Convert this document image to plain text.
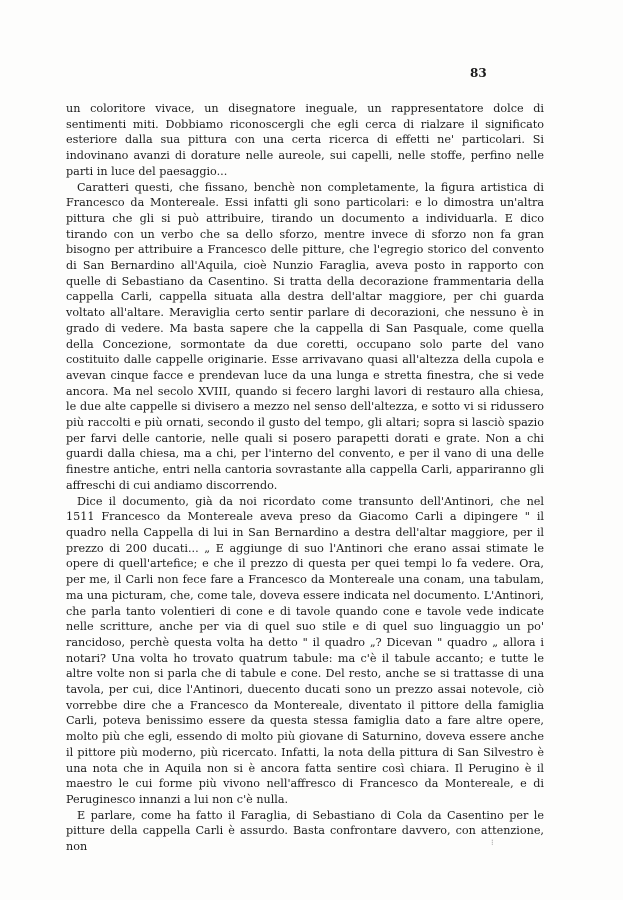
83

un coloritore vivace, un disegnatore ineguale, un rappresentatore dolce di sentimenti miti. Dobbiamo riconoscergli che egli cerca di rialzare il significato esteriore dalla sua pittura con una certa ricerca di effetti ne' particolari. Si indovinano avanzi di dorature nelle aureole, sui capelli, nelle stoffe, perfino nelle parti in luce del paesaggio...

Caratteri questi, che fissano, benchè non completamente, la figura artistica di Francesco da Montereale. Essi infatti gli sono particolari: e lo dimostra un'altra pittura che gli si può attribuire, tirando un documento a individuarla. E dico tirando con un verbo che sa dello sforzo, mentre invece di sforzo non fa gran bisogno per attribuire a Francesco delle pitture, che l'egregio storico del convento di San Bernardino all'Aquila, cioè Nunzio Faraglia, aveva posto in rapporto con quelle di Sebastiano da Casentino. Si tratta della decorazione frammentaria della cappella Carli, cappella situata alla destra dell'altar maggiore, per chi guarda voltato all'altare. Meraviglia certo sentir parlare di decorazioni, che nessuno è in grado di vedere. Ma basta sapere che la cappella di San Pasquale, come quella della Concezione, sormontate da due coretti, occupano solo parte del vano costituito dalle cappelle originarie. Esse arrivavano quasi all'altezza della cupola e avevan cinque facce e prendevan luce da una lunga e stretta finestra, che si vede ancora. Ma nel secolo XVIII, quando si fecero larghi lavori di restauro alla chiesa, le due alte cappelle si divisero a mezzo nel senso dell'altezza, e sotto vi si ridussero più raccolti e più ornati, secondo il gusto del tempo, gli altari; sopra si lasciò spazio per farvi delle cantorie, nelle quali si posero parapetti dorati e grate. Non a chi guardi dalla chiesa, ma a chi, per l'interno del convento, e per il vano di una delle finestre antiche, entri nella cantoria sovrastante alla cappella Carli, appariranno gli affreschi di cui andiamo discorrendo.

Dice il documento, già da noi ricordato come transunto dell'Antinori, che nel 1511 Francesco da Montereale aveva preso da Giacomo Carli a dipingere " il quadro nella Cappella di lui in San Bernardino a destra dell'altar maggiore, per il prezzo di 200 ducati... „ E aggiunge di suo l'Antinori che erano assai stimate le opere di quell'artefice; e che il prezzo di questa per quei tempi lo fa vedere. Ora, per me, il Carli non fece fare a Francesco da Montereale una conam, una tabulam, ma una picturam, che, come tale, doveva essere indicata nel documento. L'Antinori, che parla tanto volentieri di cone e di tavole quando cone e tavole vede indicate nelle scritture, anche per via di quel suo stile e di quel suo linguaggio un po' rancidoso, perchè questa volta ha detto " il quadro „? Dicevan " quadro „ allora i notari? Una volta ho trovato quatrum tabule: ma c'è il tabule accanto; e tutte le altre volte non si parla che di tabule e cone. Del resto, anche se si trattasse di una tavola, per cui, dice l'Antinori, duecento ducati sono un prezzo assai notevole, ciò vorrebbe dire che a Francesco da Montereale, diventato il pittore della famiglia Carli, poteva benissimo essere da questa stessa famiglia dato a fare altre opere, molto più che egli, essendo di molto più giovane di Saturnino, doveva essere anche il pittore più moderno, più ricercato. Infatti, la nota della pittura di San Silvestro è una nota che in Aquila non si è ancora fatta sentire così chiara. Il Perugino è il maestro le cui forme più vivono nell'affresco di Francesco da Montereale, e di Peruginesco innanzi a lui non c'è nulla.

E parlare, come ha fatto il Faraglia, di Sebastiano di Cola da Casentino per le pitture della cappella Carli è assurdo. Basta confrontare davvero, con attenzione, non	⁝
